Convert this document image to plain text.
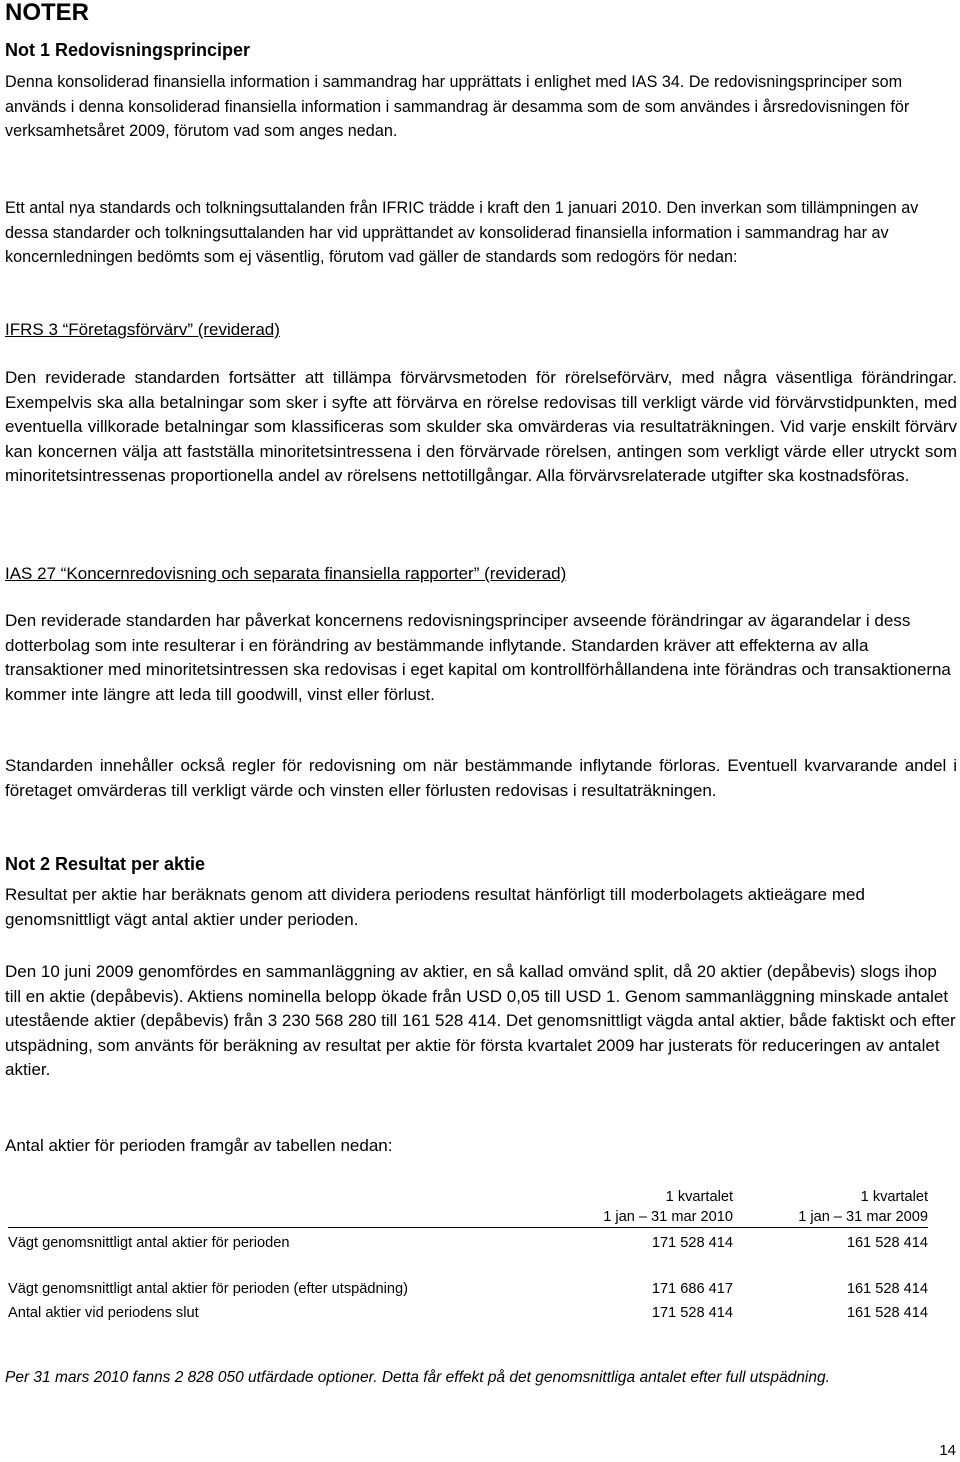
NOTER
Not 1 Redovisningsprinciper
Denna konsoliderad finansiella information i sammandrag har upprättats i enlighet med IAS 34. De redovisningsprinciper som används i denna konsoliderad finansiella information i sammandrag är desamma som de som användes i årsredovisningen för verksamhetsåret 2009, förutom vad som anges nedan.
Ett antal nya standards och tolkningsuttalanden från IFRIC trädde i kraft den 1 januari 2010. Den inverkan som tillämpningen av dessa standarder och tolkningsuttalanden har vid upprättandet av konsoliderad finansiella information i sammandrag har av koncernledningen bedömts som ej väsentlig, förutom vad gäller de standards som redogörs för nedan:
IFRS 3 “Företagsförvärv” (reviderad)
Den reviderade standarden fortsätter att tillämpa förvärvsmetoden för rörelseförvärv, med några väsentliga förändringar. Exempelvis ska alla betalningar som sker i syfte att förvärva en rörelse redovisas till verkligt värde vid förvärvstidpunkten, med eventuella villkorade betalningar som klassificeras som skulder ska omvärderas via resultaträkningen. Vid varje enskilt förvärv kan koncernen välja att fastställa minoritetsintressena i den förvärvade rörelsen, antingen som verkligt värde eller utryckt som minoritetsintressenas proportionella andel av rörelsens nettotillgångar. Alla förvärvsrelaterade utgifter ska kostnadsföras.
IAS 27 “Koncernredovisning och separata finansiella rapporter” (reviderad)
Den reviderade standarden har påverkat koncernens redovisningsprinciper avseende förändringar av ägarandelar i dess dotterbolag som inte resulterar i en förändring av bestämmande inflytande. Standarden kräver att effekterna av alla transaktioner med minoritetsintressen ska redovisas i eget kapital om kontrollförhållandena inte förändras och transaktionerna kommer inte längre att leda till goodwill, vinst eller förlust.
Standarden innehåller också regler för redovisning om när bestämmande inflytande förloras. Eventuell kvarvarande andel i företaget omvärderas till verkligt värde och vinsten eller förlusten redovisas i resultaträkningen.
Not 2 Resultat per aktie
Resultat per aktie har beräknats genom att dividera periodens resultat hänförligt till moderbolagets aktieägare med genomsnittligt vägt antal aktier under perioden.
Den 10 juni 2009 genomfördes en sammanläggning av aktier, en så kallad omvänd split, då 20 aktier (depåbevis) slogs ihop till en aktie (depåbevis). Aktiens nominella belopp ökade från USD 0,05 till USD 1. Genom sammanläggning minskade antalet utestående aktier (depåbevis) från 3 230 568 280 till 161 528 414. Det genomsnittligt vägda antal aktier, både faktiskt och efter utspädning, som använts för beräkning av resultat per aktie för första kvartalet 2009 har justerats för reduceringen av antalet aktier.
Antal aktier för perioden framgår av tabellen nedan:
	1 kvartalet		1 kvartalet
	1 jan – 31 mar 2010		1 jan – 31 mar 2009
Vägt genomsnittligt antal aktier för perioden	171 528 414		161 528 414
Vägt genomsnittligt antal aktier för perioden (efter utspädning)	171 686 417		161 528 414
Antal aktier vid periodens slut	171 528 414		161 528 414
Per 31 mars 2010 fanns 2 828 050 utfärdade optioner. Detta får effekt på det genomsnittliga antalet efter full utspädning.
14
